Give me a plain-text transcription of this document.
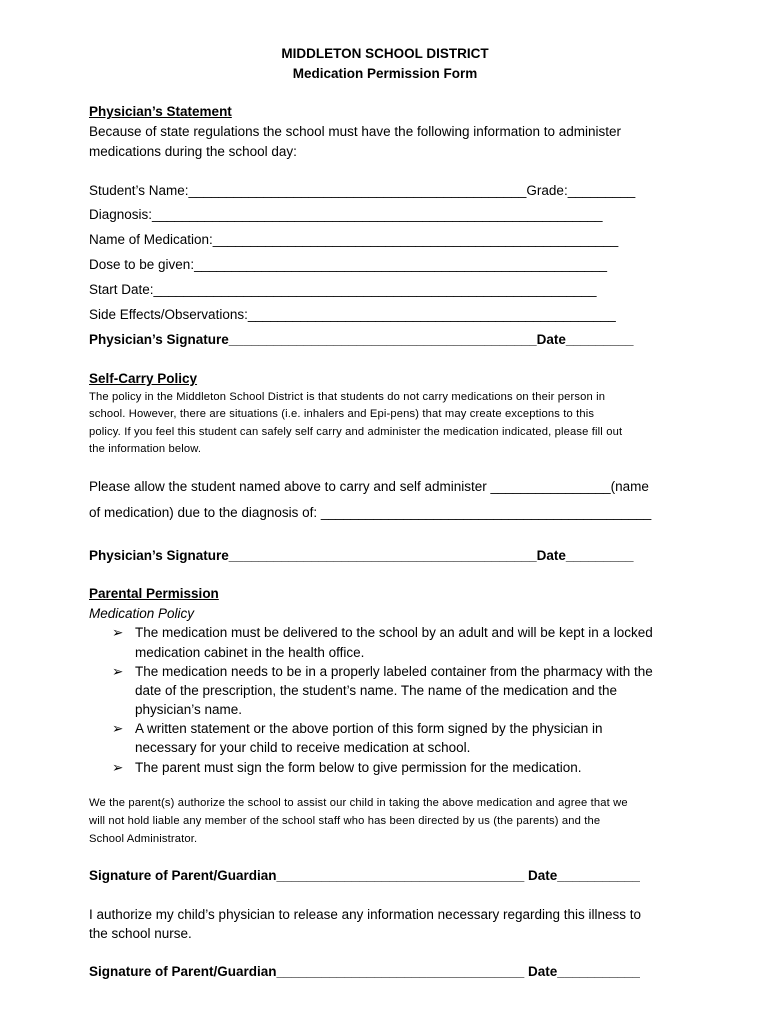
MIDDLETON SCHOOL DISTRICT
Medication Permission Form
Physician’s Statement
Because of state regulations the school must have the following information to administer
medications during the school day:
Student’s Name:_____________________________________________Grade:_________
Diagnosis:____________________________________________________________
Name of Medication:______________________________________________________
Dose to be given:_______________________________________________________
Start Date:___________________________________________________________
Side Effects/Observations:_________________________________________________
Physician’s Signature_________________________________________Date_________
Self-Carry Policy
The policy in the Middleton School District is that students do not carry medications on their person in
school. However, there are situations (i.e. inhalers and Epi-pens) that may create exceptions to this
policy. If you feel this student can safely self carry and administer the medication indicated, please fill out
the information below.
Please allow the student named above to carry and self administer ________________(name
of medication) due to the diagnosis of: ____________________________________________
Physician’s Signature_________________________________________Date_________
Parental Permission
Medication Policy
➢ The medication must be delivered to the school by an adult and will be kept in a locked
medication cabinet in the health office.
➢ The medication needs to be in a properly labeled container from the pharmacy with the
date of the prescription, the student’s name. The name of the medication and the
physician’s name.
➢ A written statement or the above portion of this form signed by the physician in
necessary for your child to receive medication at school.
➢ The parent must sign the form below to give permission for the medication.
We the parent(s) authorize the school to assist our child in taking the above medication and agree that we
will not hold liable any member of the school staff who has been directed by us (the parents) and the
School Administrator.
Signature of Parent/Guardian_________________________________ Date___________
I authorize my child’s physician to release any information necessary regarding this illness to
the school nurse.
Signature of Parent/Guardian_________________________________ Date___________
